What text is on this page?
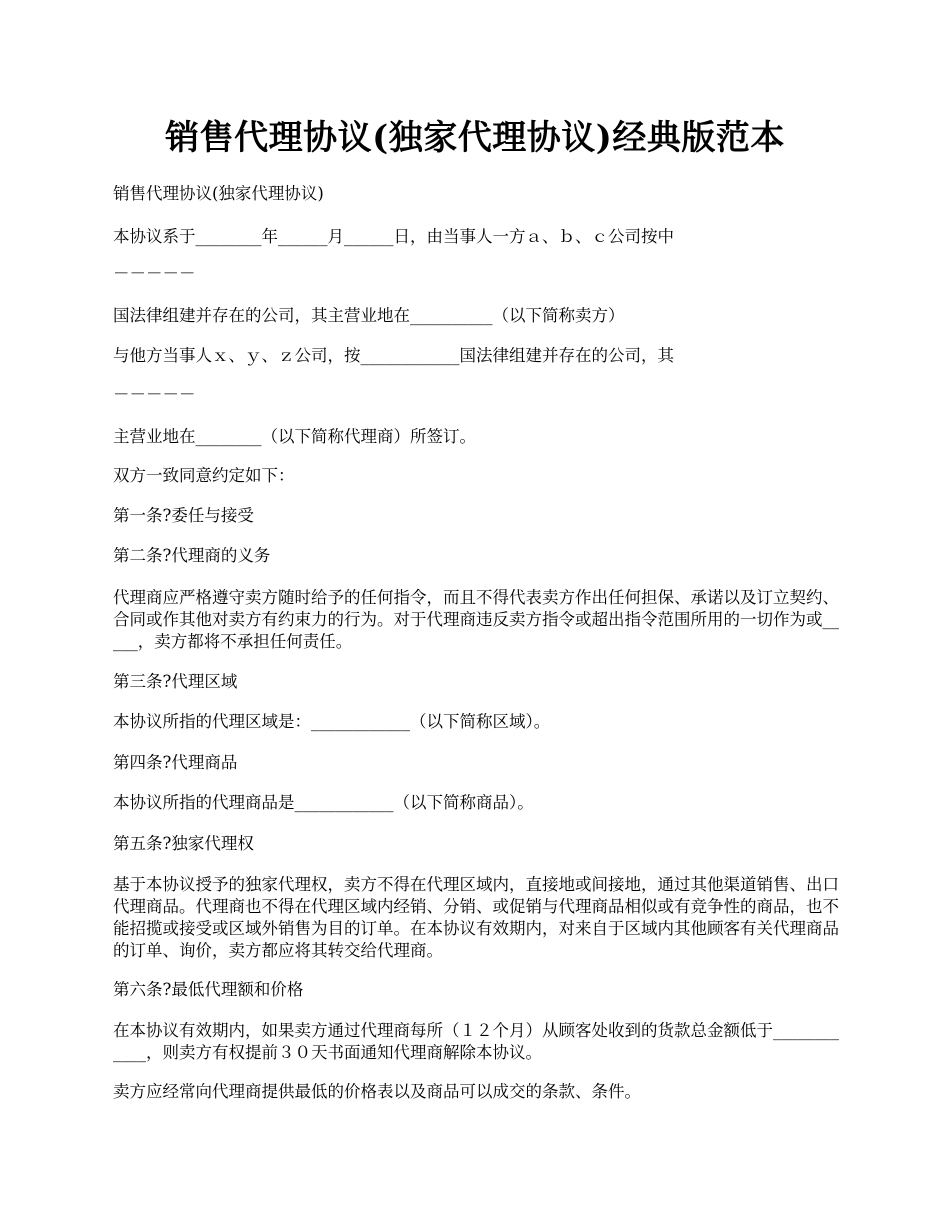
销售代理协议(独家代理协议)经典版范本
销售代理协议(独家代理协议)
本协议系于________年______月______日，由当事人一方ａ、ｂ、ｃ公司按中
－－－－－
国法律组建并存在的公司，其主营业地在__________（以下简称卖方）
与他方当事人ｘ、ｙ、ｚ公司，按____________国法律组建并存在的公司，其
－－－－－
主营业地在________（以下简称代理商）所签订。
双方一致同意约定如下：
第一条?委任与接受
第二条?代理商的义务
代理商应严格遵守卖方随时给予的任何指令，而且不得代表卖方作出任何担保、承诺以及订立契约、合同或作其他对卖方有约束力的行为。对于代理商违反卖方指令或超出指令范围所用的一切作为或_____，卖方都将不承担任何责任。
第三条?代理区域
本协议所指的代理区域是：____________（以下简称区域）。
第四条?代理商品
本协议所指的代理商品是____________（以下简称商品）。
第五条?独家代理权
基于本协议授予的独家代理权，卖方不得在代理区域内，直接地或间接地，通过其他渠道销售、出口代理商品。代理商也不得在代理区域内经销、分销、或促销与代理商品相似或有竞争性的商品，也不能招揽或接受或区域外销售为目的订单。在本协议有效期内，对来自于区域内其他顾客有关代理商品的订单、询价，卖方都应将其转交给代理商。
第六条?最低代理额和价格
在本协议有效期内，如果卖方通过代理商每所（１２个月）从顾客处收到的货款总金额低于____________，则卖方有权提前３０天书面通知代理商解除本协议。
卖方应经常向代理商提供最低的价格表以及商品可以成交的条款、条件。
